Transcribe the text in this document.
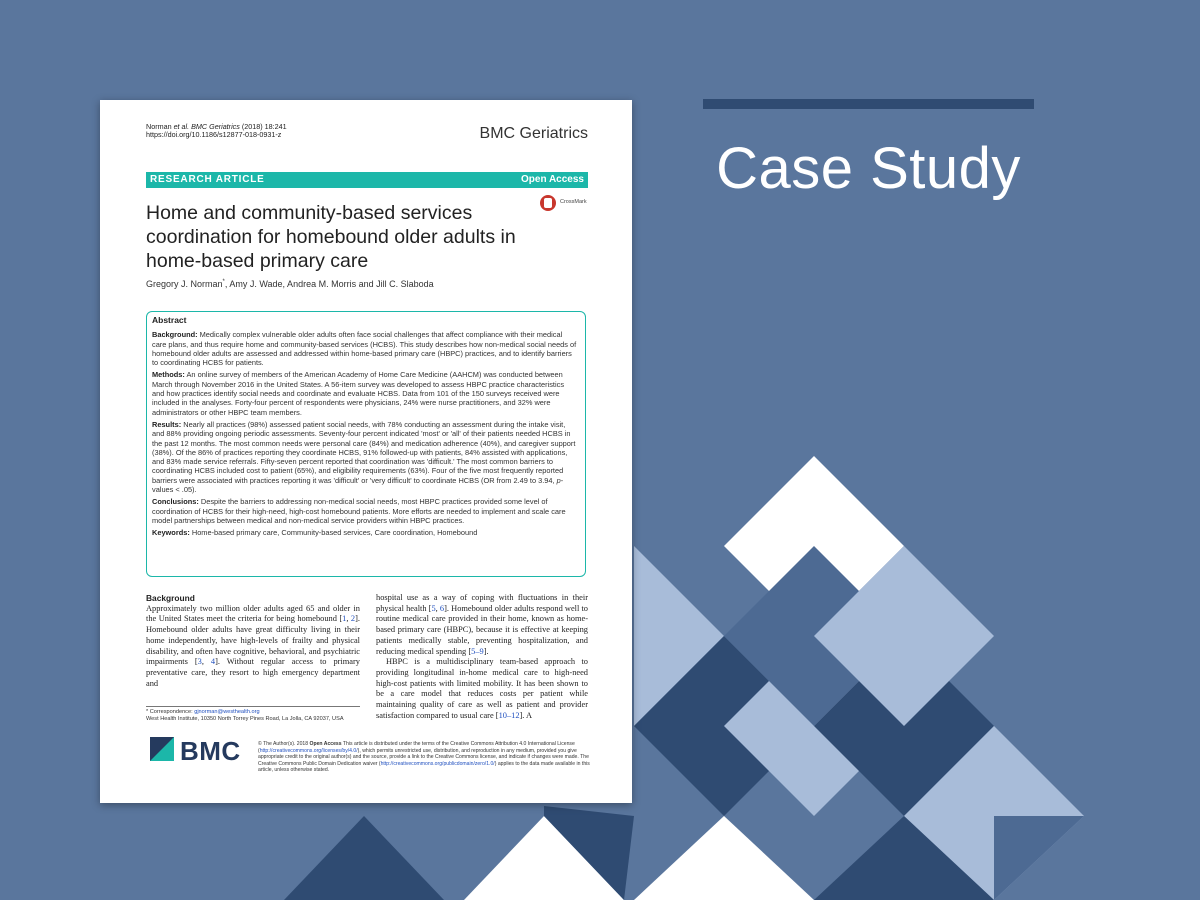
Case Study
Norman et al. BMC Geriatrics (2018) 18:241
https://doi.org/10.1186/s12877-018-0931-z	BMC Geriatrics
RESEARCH ARTICLE	Open Access
CrossMark
Home and community-based services coordination for homebound older adults in home-based primary care
Gregory J. Norman*, Amy J. Wade, Andrea M. Morris and Jill C. Slaboda
Abstract
Background: Medically complex vulnerable older adults often face social challenges that affect compliance with their medical care plans, and thus require home and community-based services (HCBS). This study describes how non-medical social needs of homebound older adults are assessed and addressed within home-based primary care (HBPC) practices, and to identify barriers to coordinating HCBS for patients.
Methods: An online survey of members of the American Academy of Home Care Medicine (AAHCM) was conducted between March through November 2016 in the United States. A 56-item survey was developed to assess HBPC practice characteristics and how practices identify social needs and coordinate and evaluate HCBS. Data from 101 of the 150 surveys received were included in the analyses. Forty-four percent of respondents were physicians, 24% were nurse practitioners, and 32% were administrators or other HBPC team members.
Results: Nearly all practices (98%) assessed patient social needs, with 78% conducting an assessment during the intake visit, and 88% providing ongoing periodic assessments. Seventy-four percent indicated 'most' or 'all' of their patients needed HCBS in the past 12 months. The most common needs were personal care (84%) and medication adherence (40%), and caregiver support (38%). Of the 86% of practices reporting they coordinate HCBS, 91% followed-up with patients, 84% assisted with applications, and 83% made service referrals. Fifty-seven percent reported that coordination was 'difficult.' The most common barriers to coordinating HCBS included cost to patient (65%), and eligibility requirements (63%). Four of the five most frequently reported barriers were associated with practices reporting it was 'difficult' or 'very difficult' to coordinate HCBS (OR from 2.49 to 3.94, p-values < .05).
Conclusions: Despite the barriers to addressing non-medical social needs, most HBPC practices provided some level of coordination of HCBS for their high-need, high-cost homebound patients. More efforts are needed to implement and scale care model partnerships between medical and non-medical service providers within HBPC practices.
Keywords: Home-based primary care, Community-based services, Care coordination, Homebound
Background
Approximately two million older adults aged 65 and older in the United States meet the criteria for being homebound [1, 2]. Homebound older adults have great difficulty living in their home independently, have high-levels of frailty and physical disability, and often have cognitive, behavioral, and psychiatric impairments [3, 4]. Without regular access to primary preventative care, they resort to high emergency department and
hospital use as a way of coping with fluctuations in their physical health [5, 6]. Homebound older adults respond well to routine medical care provided in their home, known as home-based primary care (HBPC), because it is effective at keeping patients medically stable, preventing hospitalization, and reducing medical spending [5–9].
HBPC is a multidisciplinary team-based approach to providing longitudinal in-home medical care to high-need high-cost patients with limited mobility. It has been shown to be a care model that reduces costs per patient while maintaining quality of care as well as patient and provider satisfaction compared to usual care [10–12]. A
* Correspondence: gjnorman@westhealth.org
West Health Institute, 10350 North Torrey Pines Road, La Jolla, CA 92037, USA
BMC	© The Author(s). 2018 Open Access This article is distributed under the terms of the Creative Commons Attribution 4.0 International License (http://creativecommons.org/licenses/by/4.0/), which permits unrestricted use, distribution, and reproduction in any medium, provided you give appropriate credit to the original author(s) and the source, provide a link to the Creative Commons license, and indicate if changes were made. The Creative Commons Public Domain Dedication waiver (http://creativecommons.org/publicdomain/zero/1.0/) applies to the data made available in this article, unless otherwise stated.
